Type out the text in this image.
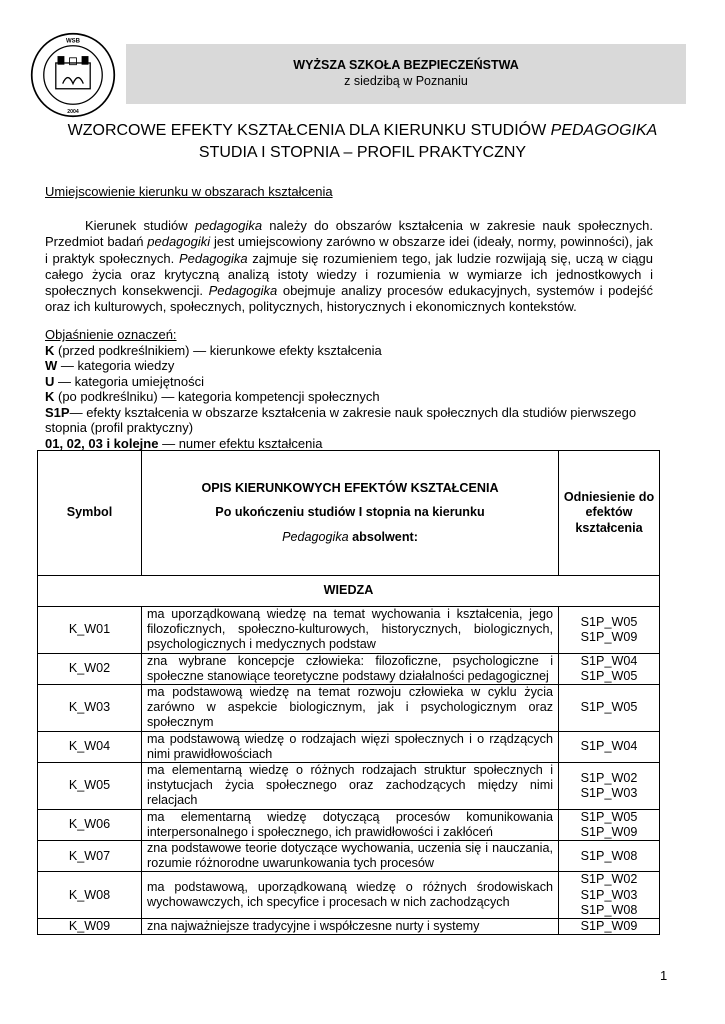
WSB
2004
WYŻSZA SZKOŁA BEZPIECZEŃSTWA
z siedzibą w Poznaniu
WZORCOWE EFEKTY KSZTAŁCENIA DLA KIERUNKU STUDIÓW PEDAGOGIKA
STUDIA I STOPNIA – PROFIL PRAKTYCZNY
Umiejscowienie kierunku w obszarach kształcenia
Kierunek studiów pedagogika należy do obszarów kształcenia w zakresie nauk społecznych. Przedmiot badań pedagogiki jest umiejscowiony zarówno w obszarze idei (ideały, normy, powinności), jak i praktyk społecznych. Pedagogika zajmuje się rozumieniem tego, jak ludzie rozwijają się, uczą w ciągu całego życia oraz krytyczną analizą istoty wiedzy i rozumienia w wymiarze ich jednostkowych i społecznych konsekwencji. Pedagogika obejmuje analizy procesów edukacyjnych, systemów i podejść oraz ich kulturowych, społecznych, politycznych, historycznych i ekonomicznych kontekstów.
Objaśnienie oznaczeń:
K (przed podkreślnikiem) — kierunkowe efekty kształcenia
W — kategoria wiedzy
U — kategoria umiejętności
K (po podkreślniku) — kategoria kompetencji społecznych
S1P— efekty kształcenia w obszarze kształcenia w zakresie nauk społecznych dla studiów pierwszego stopnia (profil praktyczny)
01, 02, 03 i kolejne — numer efektu kształcenia
Symbol	OPIS KIERUNKOWYCH EFEKTÓW KSZTAŁCENIA
Po ukończeniu studiów I stopnia na kierunku
Pedagogika absolwent:	Odniesienie do efektów kształcenia
WIEDZA		
K_W01	ma uporządkowaną wiedzę na temat wychowania i kształcenia, jego filozoficznych, społeczno-kulturowych, historycznych, biologicznych, psychologicznych i medycznych podstaw	S1P_W05
S1P_W09

K_W02	zna wybrane koncepcje człowieka: filozoficzne, psychologiczne i społeczne stanowiące teoretyczne podstawy działalności pedagogicznej	S1P_W04
S1P_W05

K_W03	ma podstawową wiedzę na temat rozwoju człowieka w cyklu życia zarówno w aspekcie biologicznym, jak i psychologicznym oraz społecznym	S1P_W05

K_W04	ma podstawową wiedzę o rodzajach więzi społecznych i o rządzących nimi prawidłowościach	S1P_W04

K_W05	ma elementarną wiedzę o różnych rodzajach struktur społecznych i instytucjach życia społecznego oraz zachodzących między nimi relacjach	S1P_W02
S1P_W03

K_W06	ma elementarną wiedzę dotyczącą procesów komunikowania interpersonalnego i społecznego, ich prawidłowości i zakłóceń	S1P_W05
S1P_W09

K_W07	zna podstawowe teorie dotyczące wychowania, uczenia się i nauczania, rozumie różnorodne uwarunkowania tych procesów	S1P_W08

K_W08	ma podstawową, uporządkowaną wiedzę o różnych środowiskach wychowawczych, ich specyfice i procesach w nich zachodzących	S1P_W02
S1P_W03
S1P_W08

K_W09	zna najważniejsze tradycyjne i współczesne nurty i systemy	S1P_W09
1
